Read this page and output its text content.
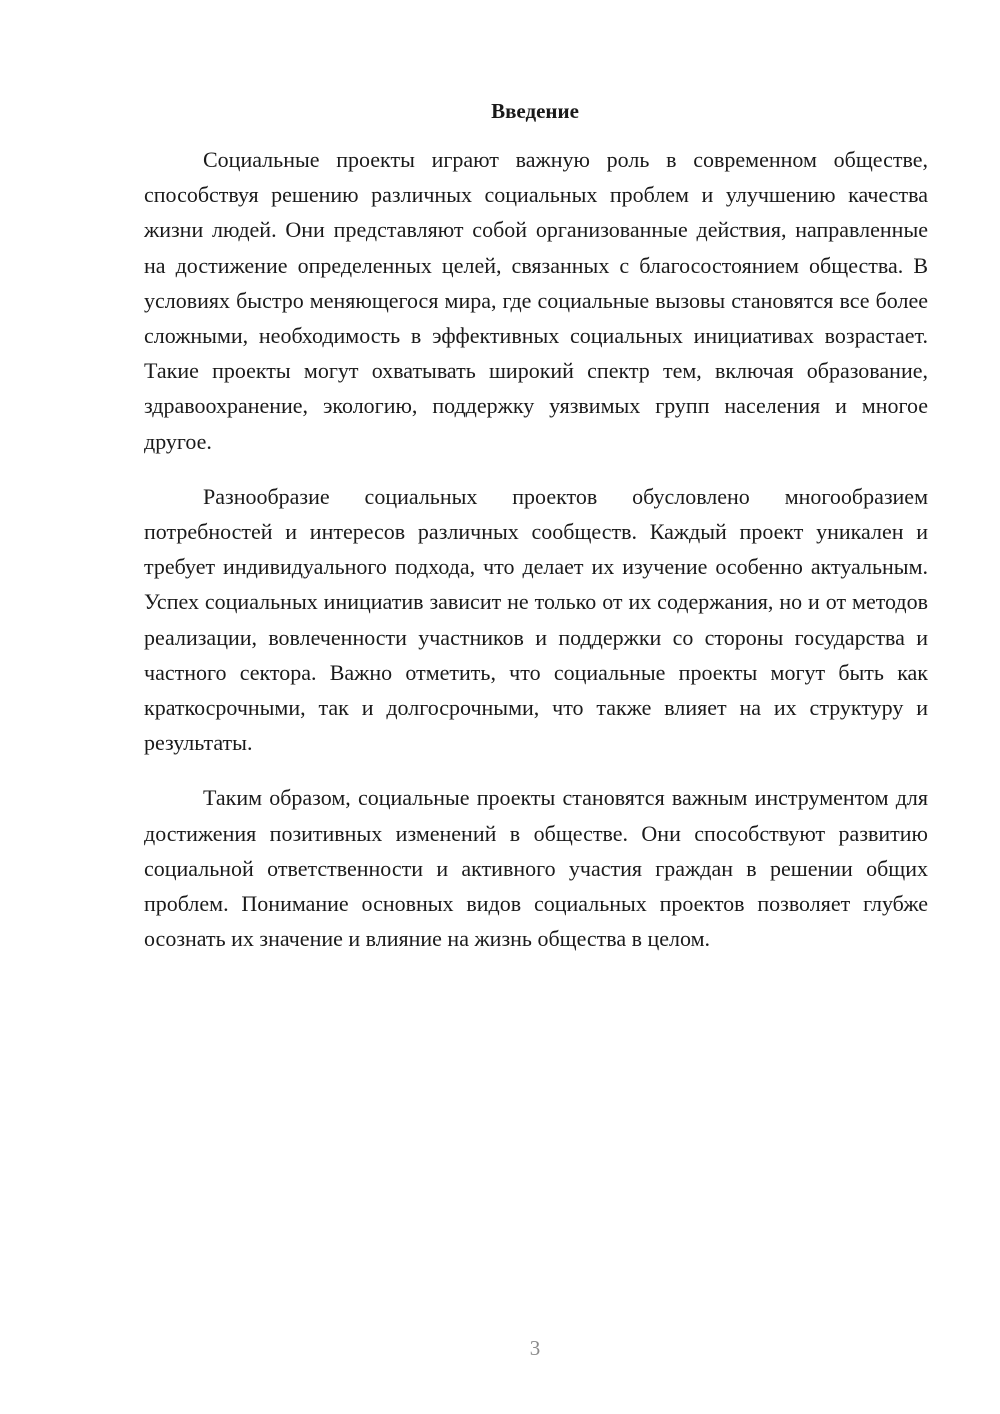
Введение

Социальные проекты играют важную роль в современном обществе, способствуя решению различных социальных проблем и улучшению качества жизни людей. Они представляют собой организованные действия, направленные на достижение определенных целей, связанных с благосостоянием общества. В условиях быстро меняющегося мира, где социальные вызовы становятся все более сложными, необходимость в эффективных социальных инициативах возрастает. Такие проекты могут охватывать широкий спектр тем, включая образование, здравоохранение, экологию, поддержку уязвимых групп населения и многое другое.

Разнообразие социальных проектов обусловлено многообразием потребностей и интересов различных сообществ. Каждый проект уникален и требует индивидуального подхода, что делает их изучение особенно актуальным. Успех социальных инициатив зависит не только от их содержания, но и от методов реализации, вовлеченности участников и поддержки со стороны государства и частного сектора. Важно отметить, что социальные проекты могут быть как краткосрочными, так и долгосрочными, что также влияет на их структуру и результаты.

Таким образом, социальные проекты становятся важным инструментом для достижения позитивных изменений в обществе. Они способствуют развитию социальной ответственности и активного участия граждан в решении общих проблем. Понимание основных видов социальных проектов позволяет глубже осознать их значение и влияние на жизнь общества в целом.

3
